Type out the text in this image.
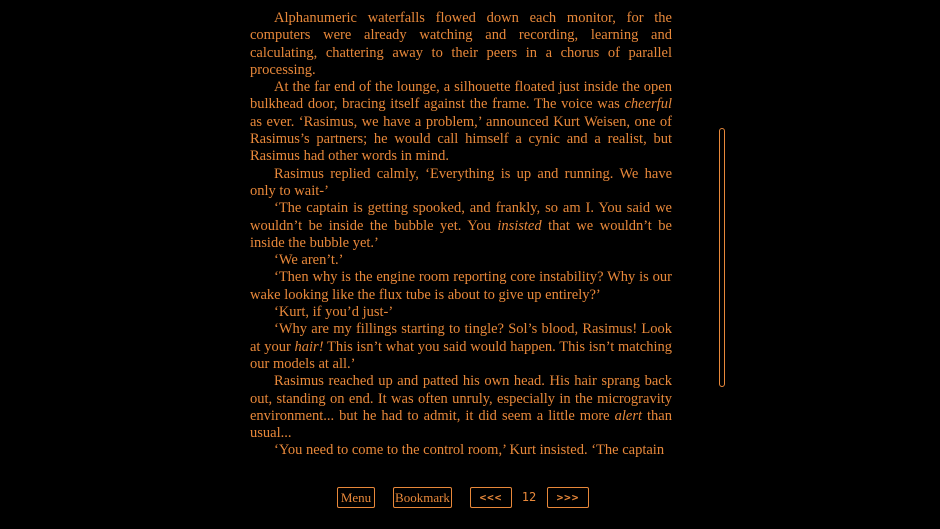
Alphanumeric waterfalls flowed down each monitor, for the computers were already watching and recording, learning and calculating, chattering away to their peers in a chorus of parallel processing.

At the far end of the lounge, a silhouette floated just inside the open bulkhead door, bracing itself against the frame. The voice was cheerful as ever. ‘Rasimus, we have a problem,’ announced Kurt Weisen, one of Rasimus’s partners; he would call himself a cynic and a realist, but Rasimus had other words in mind.

Rasimus replied calmly, ‘Everything is up and running. We have only to wait-’

‘The captain is getting spooked, and frankly, so am I. You said we wouldn’t be inside the bubble yet. You insisted that we wouldn’t be inside the bubble yet.’

‘We aren’t.’

‘Then why is the engine room reporting core instability? Why is our wake looking like the flux tube is about to give up entirely?’

‘Kurt, if you’d just-’

‘Why are my fillings starting to tingle? Sol’s blood, Rasimus! Look at your hair! This isn’t what you said would happen. This isn’t matching our models at all.’

Rasimus reached up and patted his own head. His hair sprang back out, standing on end. It was often unruly, especially in the microgravity environment... but he had to admit, it did seem a little more alert than usual...

‘You need to come to the control room,’ Kurt insisted. ‘The captain

Menu Bookmark	<<<	12	>>>
